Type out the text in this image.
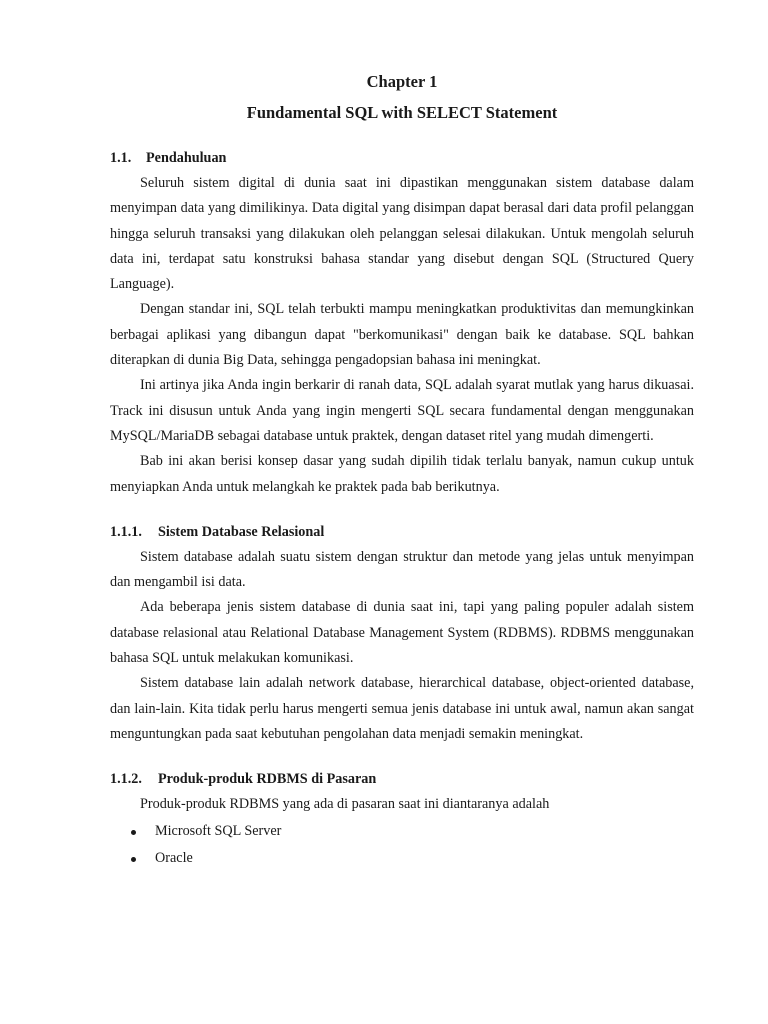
Chapter 1
Fundamental SQL with SELECT Statement
1.1. Pendahuluan

Seluruh sistem digital di dunia saat ini dipastikan menggunakan sistem database dalam menyimpan data yang dimilikinya. Data digital yang disimpan dapat berasal dari data profil pelanggan hingga seluruh transaksi yang dilakukan oleh pelanggan selesai dilakukan. Untuk mengolah seluruh data ini, terdapat satu konstruksi bahasa standar yang disebut dengan SQL (Structured Query Language).

Dengan standar ini, SQL telah terbukti mampu meningkatkan produktivitas dan memungkinkan berbagai aplikasi yang dibangun dapat "berkomunikasi" dengan baik ke database. SQL bahkan diterapkan di dunia Big Data, sehingga pengadopsian bahasa ini meningkat.

Ini artinya jika Anda ingin berkarir di ranah data, SQL adalah syarat mutlak yang harus dikuasai. Track ini disusun untuk Anda yang ingin mengerti SQL secara fundamental dengan menggunakan MySQL/MariaDB sebagai database untuk praktek, dengan dataset ritel yang mudah dimengerti.

Bab ini akan berisi konsep dasar yang sudah dipilih tidak terlalu banyak, namun cukup untuk menyiapkan Anda untuk melangkah ke praktek pada bab berikutnya.

1.1.1. Sistem Database Relasional

Sistem database adalah suatu sistem dengan struktur dan metode yang jelas untuk menyimpan dan mengambil isi data.

Ada beberapa jenis sistem database di dunia saat ini, tapi yang paling populer adalah sistem database relasional atau Relational Database Management System (RDBMS). RDBMS menggunakan bahasa SQL untuk melakukan komunikasi.

Sistem database lain adalah network database, hierarchical database, object-oriented database, dan lain-lain. Kita tidak perlu harus mengerti semua jenis database ini untuk awal, namun akan sangat menguntungkan pada saat kebutuhan pengolahan data menjadi semakin meningkat.

1.1.2. Produk-produk RDBMS di Pasaran

Produk-produk RDBMS yang ada di pasaran saat ini diantaranya adalah

Microsoft SQL Server
Oracle
